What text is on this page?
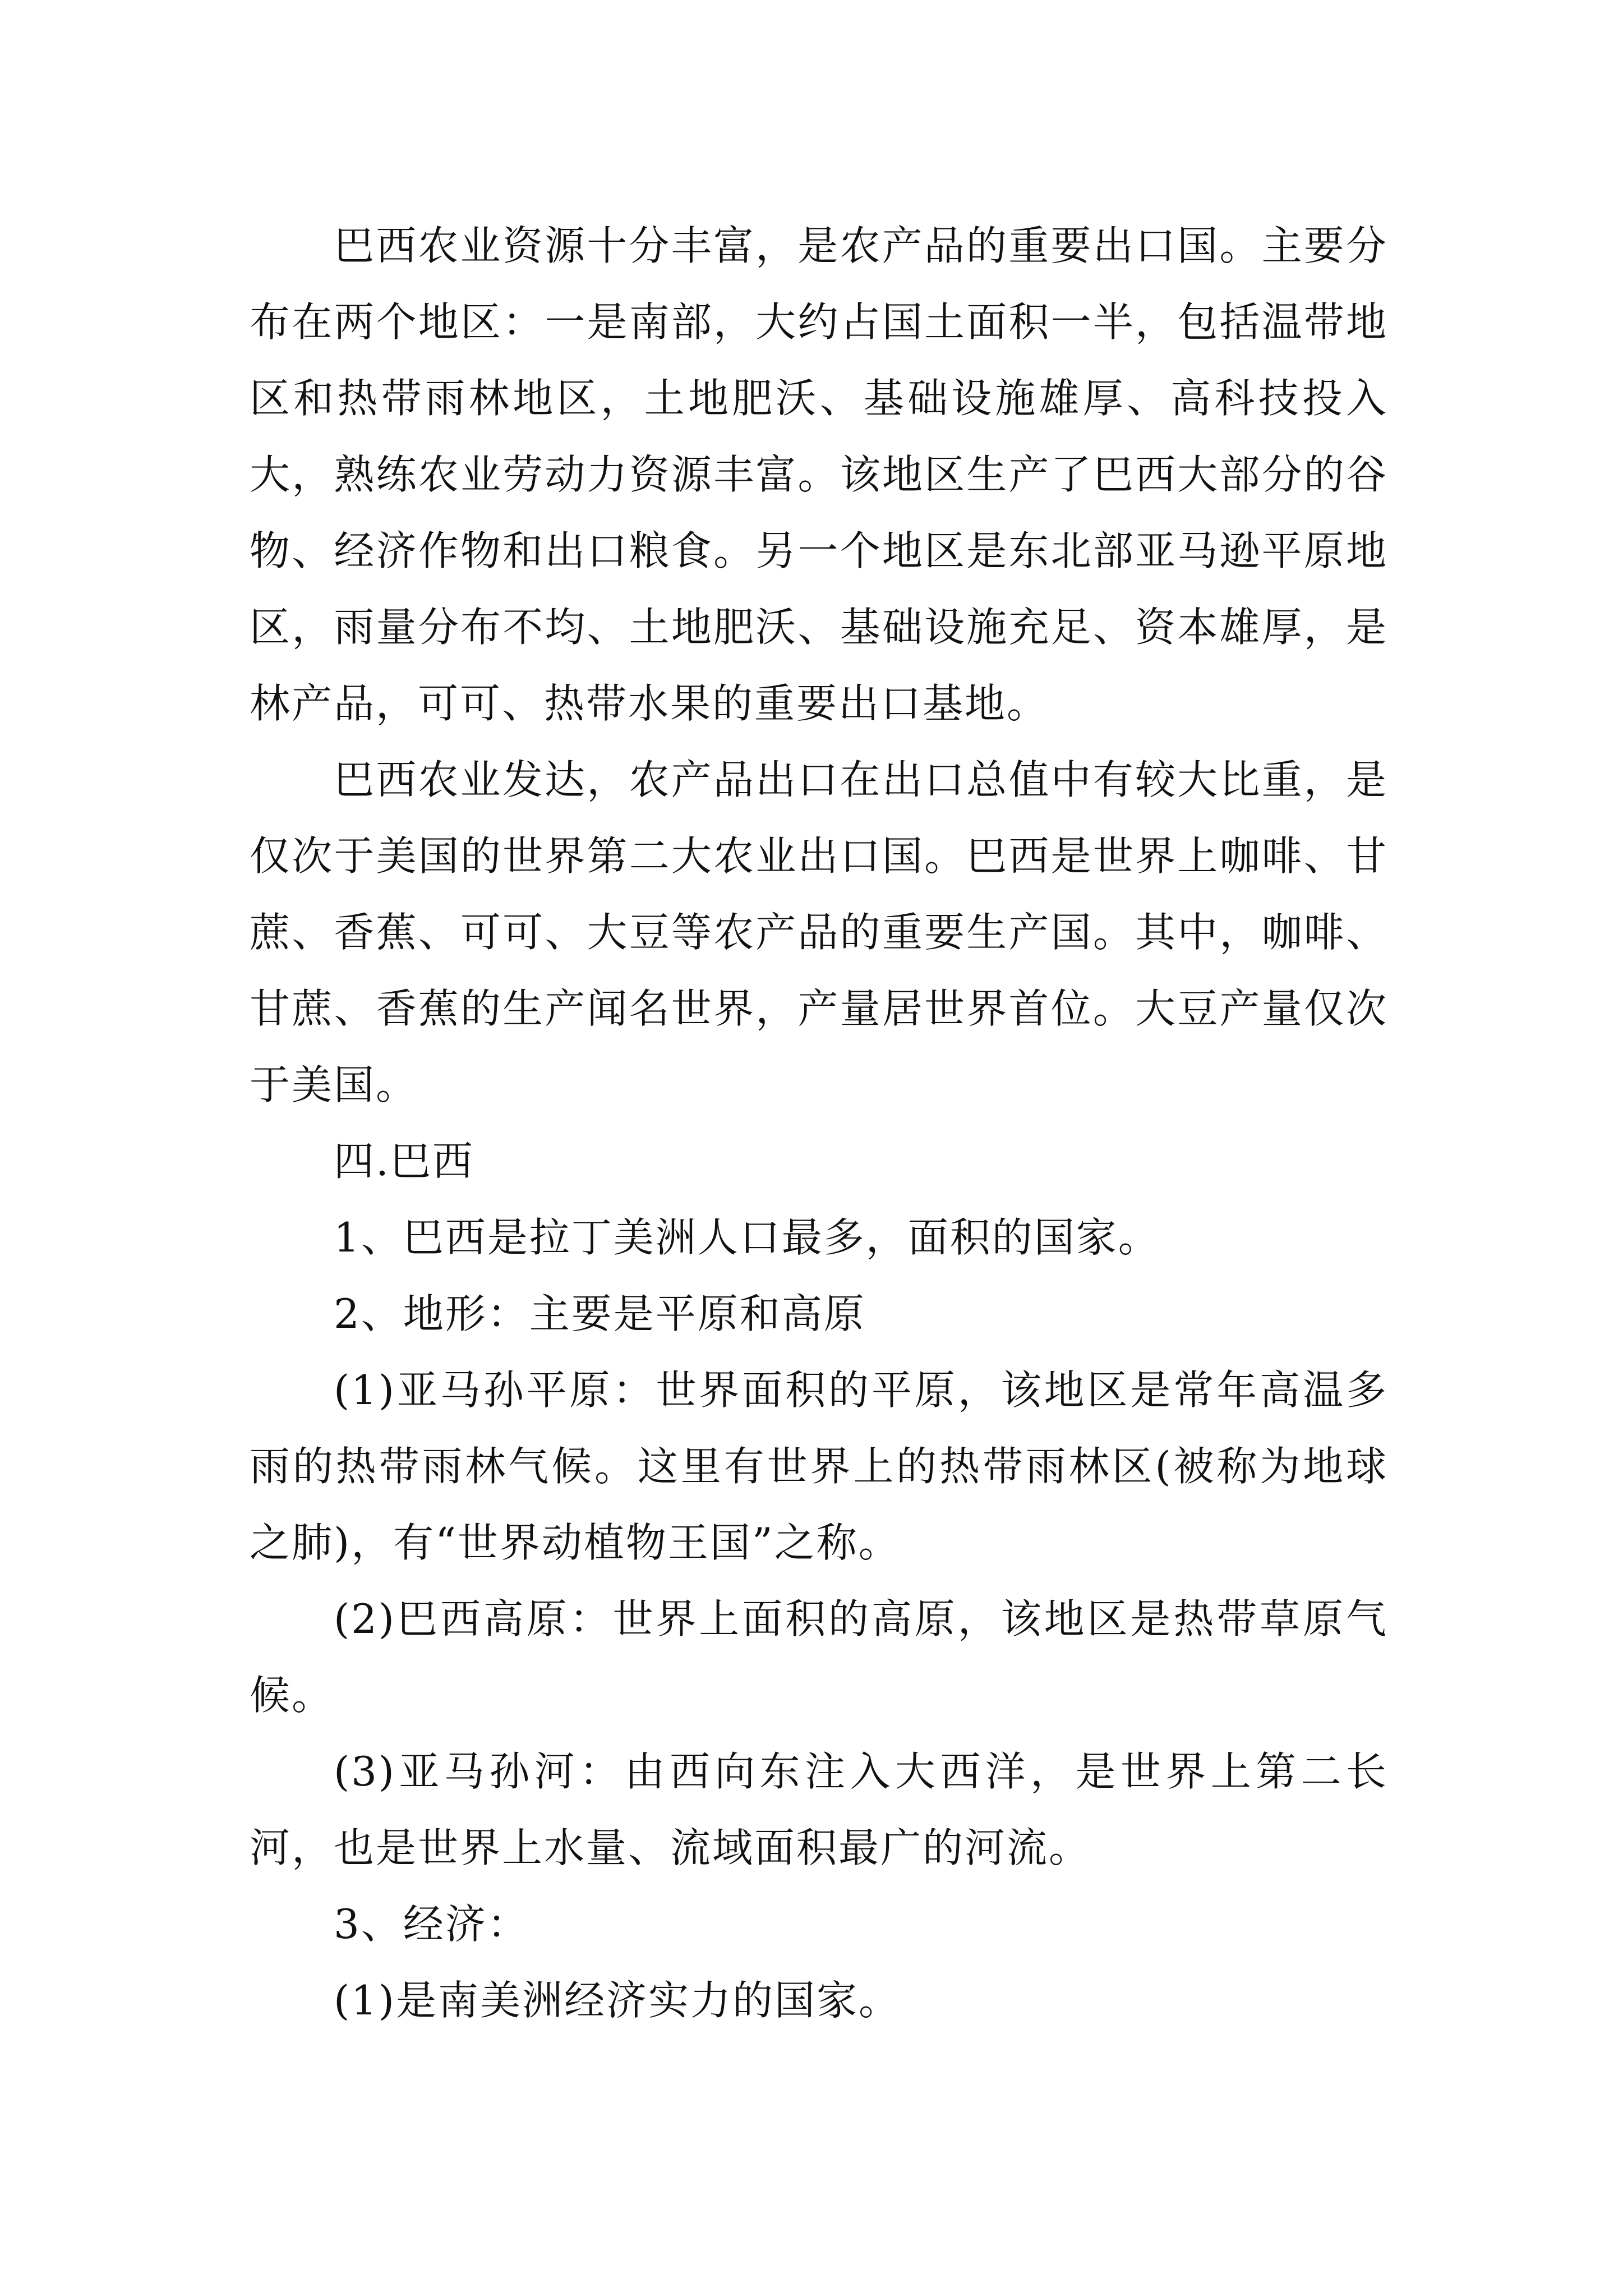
巴西农业资源十分丰富，是农产品的重要出口国。主要分布在两个地区：一是南部，大约占国土面积一半，包括温带地区和热带雨林地区，土地肥沃、基础设施雄厚、高科技投入大，熟练农业劳动力资源丰富。该地区生产了巴西大部分的谷物、经济作物和出口粮食。另一个地区是东北部亚马逊平原地区，雨量分布不均、土地肥沃、基础设施充足、资本雄厚，是林产品，可可、热带水果的重要出口基地。

巴西农业发达，农产品出口在出口总值中有较大比重，是仅次于美国的世界第二大农业出口国。巴西是世界上咖啡、甘蔗、香蕉、可可、大豆等农产品的重要生产国。其中，咖啡、甘蔗、香蕉的生产闻名世界，产量居世界首位。大豆产量仅次于美国。

四.巴西

1、巴西是拉丁美洲人口最多，面积的国家。

2、地形：主要是平原和高原

(1)亚马孙平原：世界面积的平原，该地区是常年高温多雨的热带雨林气候。这里有世界上的热带雨林区(被称为地球之肺)，有“世界动植物王国”之称。

(2)巴西高原：世界上面积的高原，该地区是热带草原气候。

(3)亚马孙河：由西向东注入大西洋，是世界上第二长河，也是世界上水量、流域面积最广的河流。

3、经济：

(1)是南美洲经济实力的国家。
